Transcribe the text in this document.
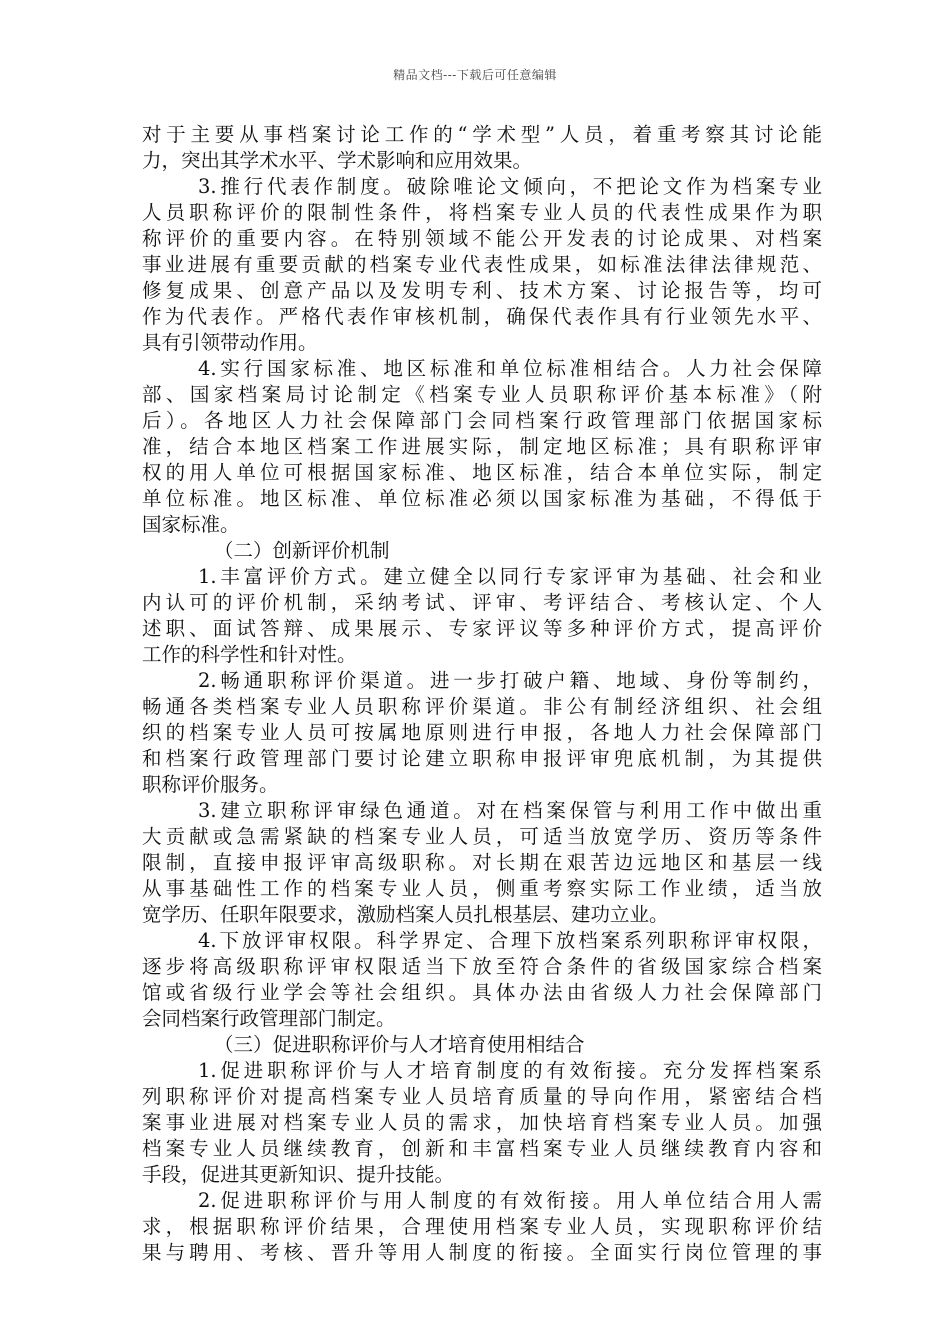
精品文档---下载后可任意编辑
对于主要从事档案讨论工作的“学术型”人员，着重考察其讨论能
力，突出其学术水平、学术影响和应用效果。
3.推行代表作制度。破除唯论文倾向，不把论文作为档案专业
人员职称评价的限制性条件，将档案专业人员的代表性成果作为职
称评价的重要内容。在特别领域不能公开发表的讨论成果、对档案
事业进展有重要贡献的档案专业代表性成果，如标准法律法律规范、
修复成果、创意产品以及发明专利、技术方案、讨论报告等，均可
作为代表作。严格代表作审核机制，确保代表作具有行业领先水平、
具有引领带动作用。
4.实行国家标准、地区标准和单位标准相结合。人力社会保障
部、国家档案局讨论制定《档案专业人员职称评价基本标准》（附
后）。各地区人力社会保障部门会同档案行政管理部门依据国家标
准，结合本地区档案工作进展实际，制定地区标准；具有职称评审
权的用人单位可根据国家标准、地区标准，结合本单位实际，制定
单位标准。地区标准、单位标准必须以国家标准为基础，不得低于
国家标准。
（二）创新评价机制
1.丰富评价方式。建立健全以同行专家评审为基础、社会和业
内认可的评价机制，采纳考试、评审、考评结合、考核认定、个人
述职、面试答辩、成果展示、专家评议等多种评价方式，提高评价
工作的科学性和针对性。
2.畅通职称评价渠道。进一步打破户籍、地域、身份等制约，
畅通各类档案专业人员职称评价渠道。非公有制经济组织、社会组
织的档案专业人员可按属地原则进行申报，各地人力社会保障部门
和档案行政管理部门要讨论建立职称申报评审兜底机制，为其提供
职称评价服务。
3.建立职称评审绿色通道。对在档案保管与利用工作中做出重
大贡献或急需紧缺的档案专业人员，可适当放宽学历、资历等条件
限制，直接申报评审高级职称。对长期在艰苦边远地区和基层一线
从事基础性工作的档案专业人员，侧重考察实际工作业绩，适当放
宽学历、任职年限要求，激励档案人员扎根基层、建功立业。
4.下放评审权限。科学界定、合理下放档案系列职称评审权限，
逐步将高级职称评审权限适当下放至符合条件的省级国家综合档案
馆或省级行业学会等社会组织。具体办法由省级人力社会保障部门
会同档案行政管理部门制定。
（三）促进职称评价与人才培育使用相结合
1.促进职称评价与人才培育制度的有效衔接。充分发挥档案系
列职称评价对提高档案专业人员培育质量的导向作用，紧密结合档
案事业进展对档案专业人员的需求，加快培育档案专业人员。加强
档案专业人员继续教育，创新和丰富档案专业人员继续教育内容和
手段，促进其更新知识、提升技能。
2.促进职称评价与用人制度的有效衔接。用人单位结合用人需
求，根据职称评价结果，合理使用档案专业人员，实现职称评价结
果与聘用、考核、晋升等用人制度的衔接。全面实行岗位管理的事
